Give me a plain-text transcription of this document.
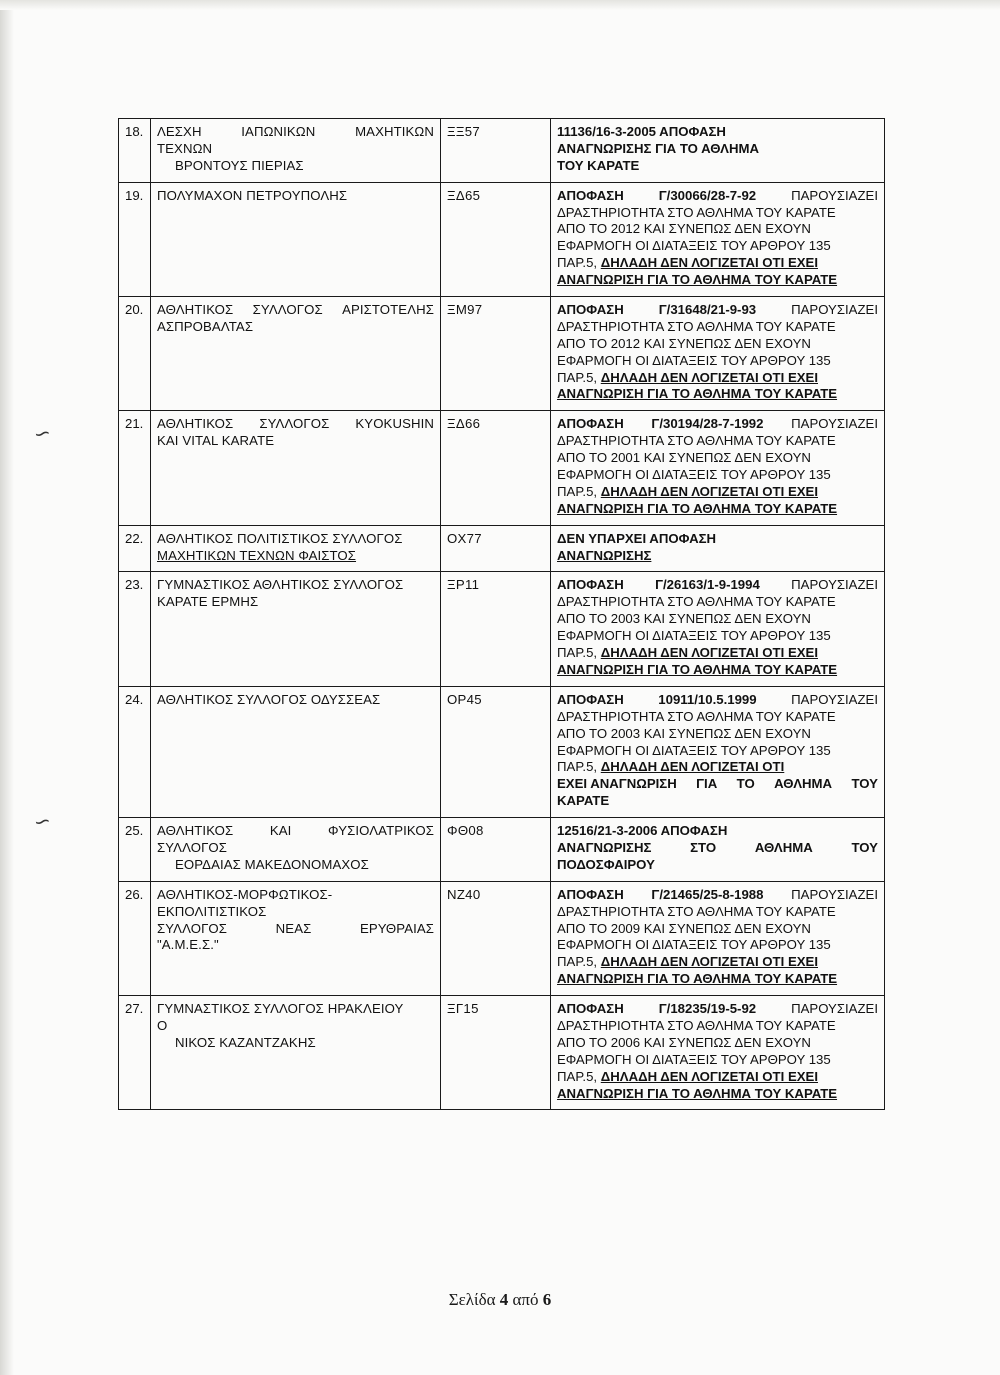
∽
∽
18.	ΛΕΣΧΗ ΙΑΠΩΝΙΚΩΝ ΜΑΧΗΤΙΚΩΝ
ΤΕΧΝΩΝ
ΒΡΟΝΤΟΥΣ ΠΙΕΡΙΑΣ	ΞΞ57	11136/16-3-2005 ΑΠΟΦΑΣΗ
ΑΝΑΓΝΩΡΙΣΗΣ ΓΙΑ ΤΟ ΑΘΛΗΜΑ
ΤΟΥ ΚΑΡΑΤΕ

19.	ΠΟΛΥΜΑΧΟΝ ΠΕΤΡΟΥΠΟΛΗΣ	ΞΔ65	ΑΠΟΦΑΣΗ	Γ/30066/28-7-92	ΠΑΡΟΥΣΙΑΖΕΙ
ΔΡΑΣΤΗΡΙΟΤΗΤΑ ΣΤΟ ΑΘΛΗΜΑ ΤΟΥ ΚΑΡΑΤΕ
ΑΠΟ ΤΟ 2012 ΚΑΙ ΣΥΝΕΠΩΣ ΔΕΝ ΕΧΟΥΝ
ΕΦΑΡΜΟΓΗ ΟΙ ΔΙΑΤΑΞΕΙΣ ΤΟΥ ΑΡΘΡΟΥ 135
ΠΑΡ.5, ΔΗΛΑΔΗ ΔΕΝ ΛΟΓΙΖΕΤΑΙ ΟΤΙ ΕΧΕΙ
ΑΝΑΓΝΩΡΙΣΗ ΓΙΑ ΤΟ ΑΘΛΗΜΑ ΤΟΥ ΚΑΡΑΤΕ

20.	ΑΘΛΗΤΙΚΟΣ ΣΥΛΛΟΓΟΣ ΑΡΙΣΤΟΤΕΛΗΣ
ΑΣΠΡΟΒΑΛΤΑΣ
	ΞΜ97	ΑΠΟΦΑΣΗ	Γ/31648/21-9-93	ΠΑΡΟΥΣΙΑΖΕΙ
ΔΡΑΣΤΗΡΙΟΤΗΤΑ ΣΤΟ ΑΘΛΗΜΑ ΤΟΥ ΚΑΡΑΤΕ
ΑΠΟ ΤΟ 2012 ΚΑΙ ΣΥΝΕΠΩΣ ΔΕΝ ΕΧΟΥΝ
ΕΦΑΡΜΟΓΗ ΟΙ ΔΙΑΤΑΞΕΙΣ ΤΟΥ ΑΡΘΡΟΥ 135
ΠΑΡ.5, ΔΗΛΑΔΗ ΔΕΝ ΛΟΓΙΖΕΤΑΙ ΟΤΙ ΕΧΕΙ
ΑΝΑΓΝΩΡΙΣΗ ΓΙΑ ΤΟ ΑΘΛΗΜΑ ΤΟΥ ΚΑΡΑΤΕ

21.	ΑΘΛΗΤΙΚΟΣ ΣΥΛΛΟΓΟΣ KYOKUSHIN
ΚΑΙ VITAL KARATE
	ΞΔ66	ΑΠΟΦΑΣΗ Γ/30194/28-7-1992 ΠΑΡΟΥΣΙΑΖΕΙ
ΔΡΑΣΤΗΡΙΟΤΗΤΑ ΣΤΟ ΑΘΛΗΜΑ ΤΟΥ ΚΑΡΑΤΕ
ΑΠΟ ΤΟ 2001 ΚΑΙ ΣΥΝΕΠΩΣ ΔΕΝ ΕΧΟΥΝ
ΕΦΑΡΜΟΓΗ ΟΙ ΔΙΑΤΑΞΕΙΣ ΤΟΥ ΑΡΘΡΟΥ 135
ΠΑΡ.5, ΔΗΛΑΔΗ ΔΕΝ ΛΟΓΙΖΕΤΑΙ ΟΤΙ ΕΧΕΙ
ΑΝΑΓΝΩΡΙΣΗ ΓΙΑ ΤΟ ΑΘΛΗΜΑ ΤΟΥ ΚΑΡΑΤΕ

22.	ΑΘΛΗΤΙΚΟΣ ΠΟΛΙΤΙΣΤΙΚΟΣ ΣΥΛΛΟΓΟΣ
ΜΑΧΗΤΙΚΩΝ ΤΕΧΝΩΝ ΦΑΙΣΤΟΣ	ΟΧ77	ΔΕΝ ΥΠΑΡΧΕΙ ΑΠΟΦΑΣΗ
ΑΝΑΓΝΩΡΙΣΗΣ

23.	ΓΥΜΝΑΣΤΙΚΟΣ ΑΘΛΗΤΙΚΟΣ ΣΥΛΛΟΓΟΣ
ΚΑΡΑΤΕ ΕΡΜΗΣ
	ΞΡ11	ΑΠΟΦΑΣΗ Γ/26163/1-9-1994 ΠΑΡΟΥΣΙΑΖΕΙ
ΔΡΑΣΤΗΡΙΟΤΗΤΑ ΣΤΟ ΑΘΛΗΜΑ ΤΟΥ ΚΑΡΑΤΕ
ΑΠΟ ΤΟ 2003 ΚΑΙ ΣΥΝΕΠΩΣ ΔΕΝ ΕΧΟΥΝ
ΕΦΑΡΜΟΓΗ ΟΙ ΔΙΑΤΑΞΕΙΣ ΤΟΥ ΑΡΘΡΟΥ 135
ΠΑΡ.5, ΔΗΛΑΔΗ ΔΕΝ ΛΟΓΙΖΕΤΑΙ ΟΤΙ ΕΧΕΙ
ΑΝΑΓΝΩΡΙΣΗ ΓΙΑ ΤΟ ΑΘΛΗΜΑ ΤΟΥ ΚΑΡΑΤΕ

24.	ΑΘΛΗΤΙΚΟΣ ΣΥΛΛΟΓΟΣ ΟΔΥΣΣΕΑΣ	ΟΡ45	ΑΠΟΦΑΣΗ	10911/10.5.1999	ΠΑΡΟΥΣΙΑΖΕΙ
ΔΡΑΣΤΗΡΙΟΤΗΤΑ ΣΤΟ ΑΘΛΗΜΑ ΤΟΥ ΚΑΡΑΤΕ
ΑΠΟ ΤΟ 2003 ΚΑΙ ΣΥΝΕΠΩΣ ΔΕΝ ΕΧΟΥΝ
ΕΦΑΡΜΟΓΗ ΟΙ ΔΙΑΤΑΞΕΙΣ ΤΟΥ ΑΡΘΡΟΥ 135
ΠΑΡ.5, ΔΗΛΑΔΗ ΔΕΝ ΛΟΓΙΖΕΤΑΙ ΟΤΙ
ΕΧΕΙ ΑΝΑΓΝΩΡΙΣΗ ΓΙΑ ΤΟ ΑΘΛΗΜΑ ΤΟΥ
ΚΑΡΑΤΕ

25.	ΑΘΛΗΤΙΚΟΣ	ΚΑΙ	ΦΥΣΙΟΛΑΤΡΙΚΟΣ
ΣΥΛΛΟΓΟΣ
ΕΟΡΔΑΙΑΣ ΜΑΚΕΔΟΝΟΜΑΧΟΣ
	ΦΘ08	12516/21-3-2006 ΑΠΟΦΑΣΗ
ΑΝΑΓΝΩΡΙΣΗΣ	ΣΤΟ	ΑΘΛΗΜΑ	ΤΟΥ
ΠΟΔΟΣΦΑΙΡΟΥ

26.	ΑΘΛΗΤΙΚΟΣ-ΜΟΡΦΩΤΙΚΟΣ-
ΕΚΠΟΛΙΤΙΣΤΙΚΟΣ
ΣΥΛΛΟΓΟΣ	ΝΕΑΣ	ΕΡΥΘΡΑΙΑΣ
"Α.Μ.Ε.Σ."
	ΝΖ40	ΑΠΟΦΑΣΗ Γ/21465/25-8-1988 ΠΑΡΟΥΣΙΑΖΕΙ
ΔΡΑΣΤΗΡΙΟΤΗΤΑ ΣΤΟ ΑΘΛΗΜΑ ΤΟΥ ΚΑΡΑΤΕ
ΑΠΟ ΤΟ 2009 ΚΑΙ ΣΥΝΕΠΩΣ ΔΕΝ ΕΧΟΥΝ
ΕΦΑΡΜΟΓΗ ΟΙ ΔΙΑΤΑΞΕΙΣ ΤΟΥ ΑΡΘΡΟΥ 135
ΠΑΡ.5, ΔΗΛΑΔΗ ΔΕΝ ΛΟΓΙΖΕΤΑΙ ΟΤΙ ΕΧΕΙ
ΑΝΑΓΝΩΡΙΣΗ ΓΙΑ ΤΟ ΑΘΛΗΜΑ ΤΟΥ ΚΑΡΑΤΕ

27.	ΓΥΜΝΑΣΤΙΚΟΣ ΣΥΛΛΟΓΟΣ ΗΡΑΚΛΕΙΟΥ
Ο
ΝΙΚΟΣ ΚΑΖΑΝΤΖΑΚΗΣ
	ΞΓ15	ΑΠΟΦΑΣΗ	Γ/18235/19-5-92	ΠΑΡΟΥΣΙΑΖΕΙ
ΔΡΑΣΤΗΡΙΟΤΗΤΑ ΣΤΟ ΑΘΛΗΜΑ ΤΟΥ ΚΑΡΑΤΕ
ΑΠΟ ΤΟ 2006 ΚΑΙ ΣΥΝΕΠΩΣ ΔΕΝ ΕΧΟΥΝ
ΕΦΑΡΜΟΓΗ ΟΙ ΔΙΑΤΑΞΕΙΣ ΤΟΥ ΑΡΘΡΟΥ 135
ΠΑΡ.5, ΔΗΛΑΔΗ ΔΕΝ ΛΟΓΙΖΕΤΑΙ ΟΤΙ ΕΧΕΙ
ΑΝΑΓΝΩΡΙΣΗ ΓΙΑ ΤΟ ΑΘΛΗΜΑ ΤΟΥ ΚΑΡΑΤΕ
Σελίδα 4 από 6
